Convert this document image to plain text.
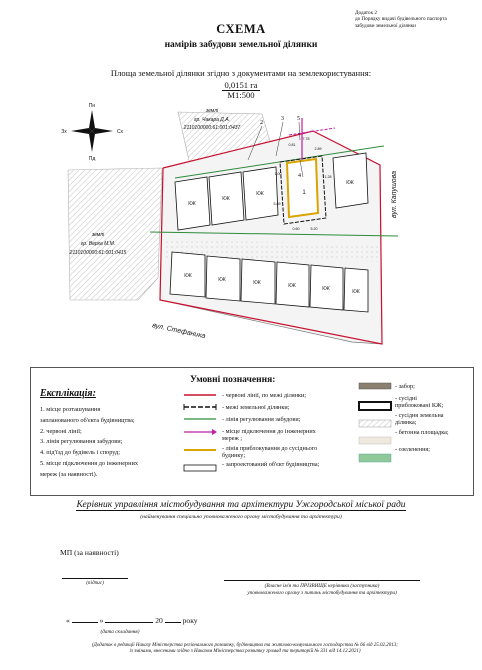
Додаток 2
до Порядку видачі будівельного паспорта
забудови земельної ділянки
СХЕМА
намірів забудови земельної ділянки
Площа земельної ділянки згідно з документами на землекористування:
0,0151 га
М1:500
КЖ
КЖ
КЖ
КЖ
КЖ
КЖ	КЖ	КЖ	КЖ	КЖ
1
7.78
0.81
2.89
1.00
1.28
5.89
0.60	5.20
2
3 5
4
землі
гр. Чакара Д.А.
2110100000:61:001:0437
землі
гр. Верха М.М.
2110100000:61:001:0415
вул. Капушова
вул. Стефаника
Пн
Пд
Зх	Сх
Експлікація:
1. місце розташування
запланованого об'єкта будівництва;
2. червоні лінії;
3. лінія регулювання забудови;
4. під'їзд до будівель і споруд;
5. місце підключення до інженерних
мереж (за наявності).
Умовні позначення:
- червоні лінії, по межі ділянки;
- межі земельної ділянки;
- лінія регулювання забудови;
- місце підключення до інженерних
мереж ;
- лінія приблокування до сусіднього
будинку;
- запроектований об'єкт будівництва;
- забор;
- сусідні
приблоковані КЖ;
- сусідня земельна
ділянка;
- бетонна площадка;
- озеленення;
Керівник управління містобудування та архітектури Ужгородської міської ради
(найменування спеціально уповноваженого органу містобудування та архітектури)
МП (за наявності)
(підпис)	(Власне ім'я та ПРІЗВИЩЕ керівника (заступника)
уповноваженого органу з питань містобудування та архітектури)
«	»	20	року
(дата складання)
(Додаток в редакції Наказу Міністерства регіонального розвитку, будівництва та житлово-комунального господарства № 66 від 25.02.2013;
із змінами, внесеними згідно з Наказом Міністерства розвитку громад та територій № 331 від 14.12.2021)
